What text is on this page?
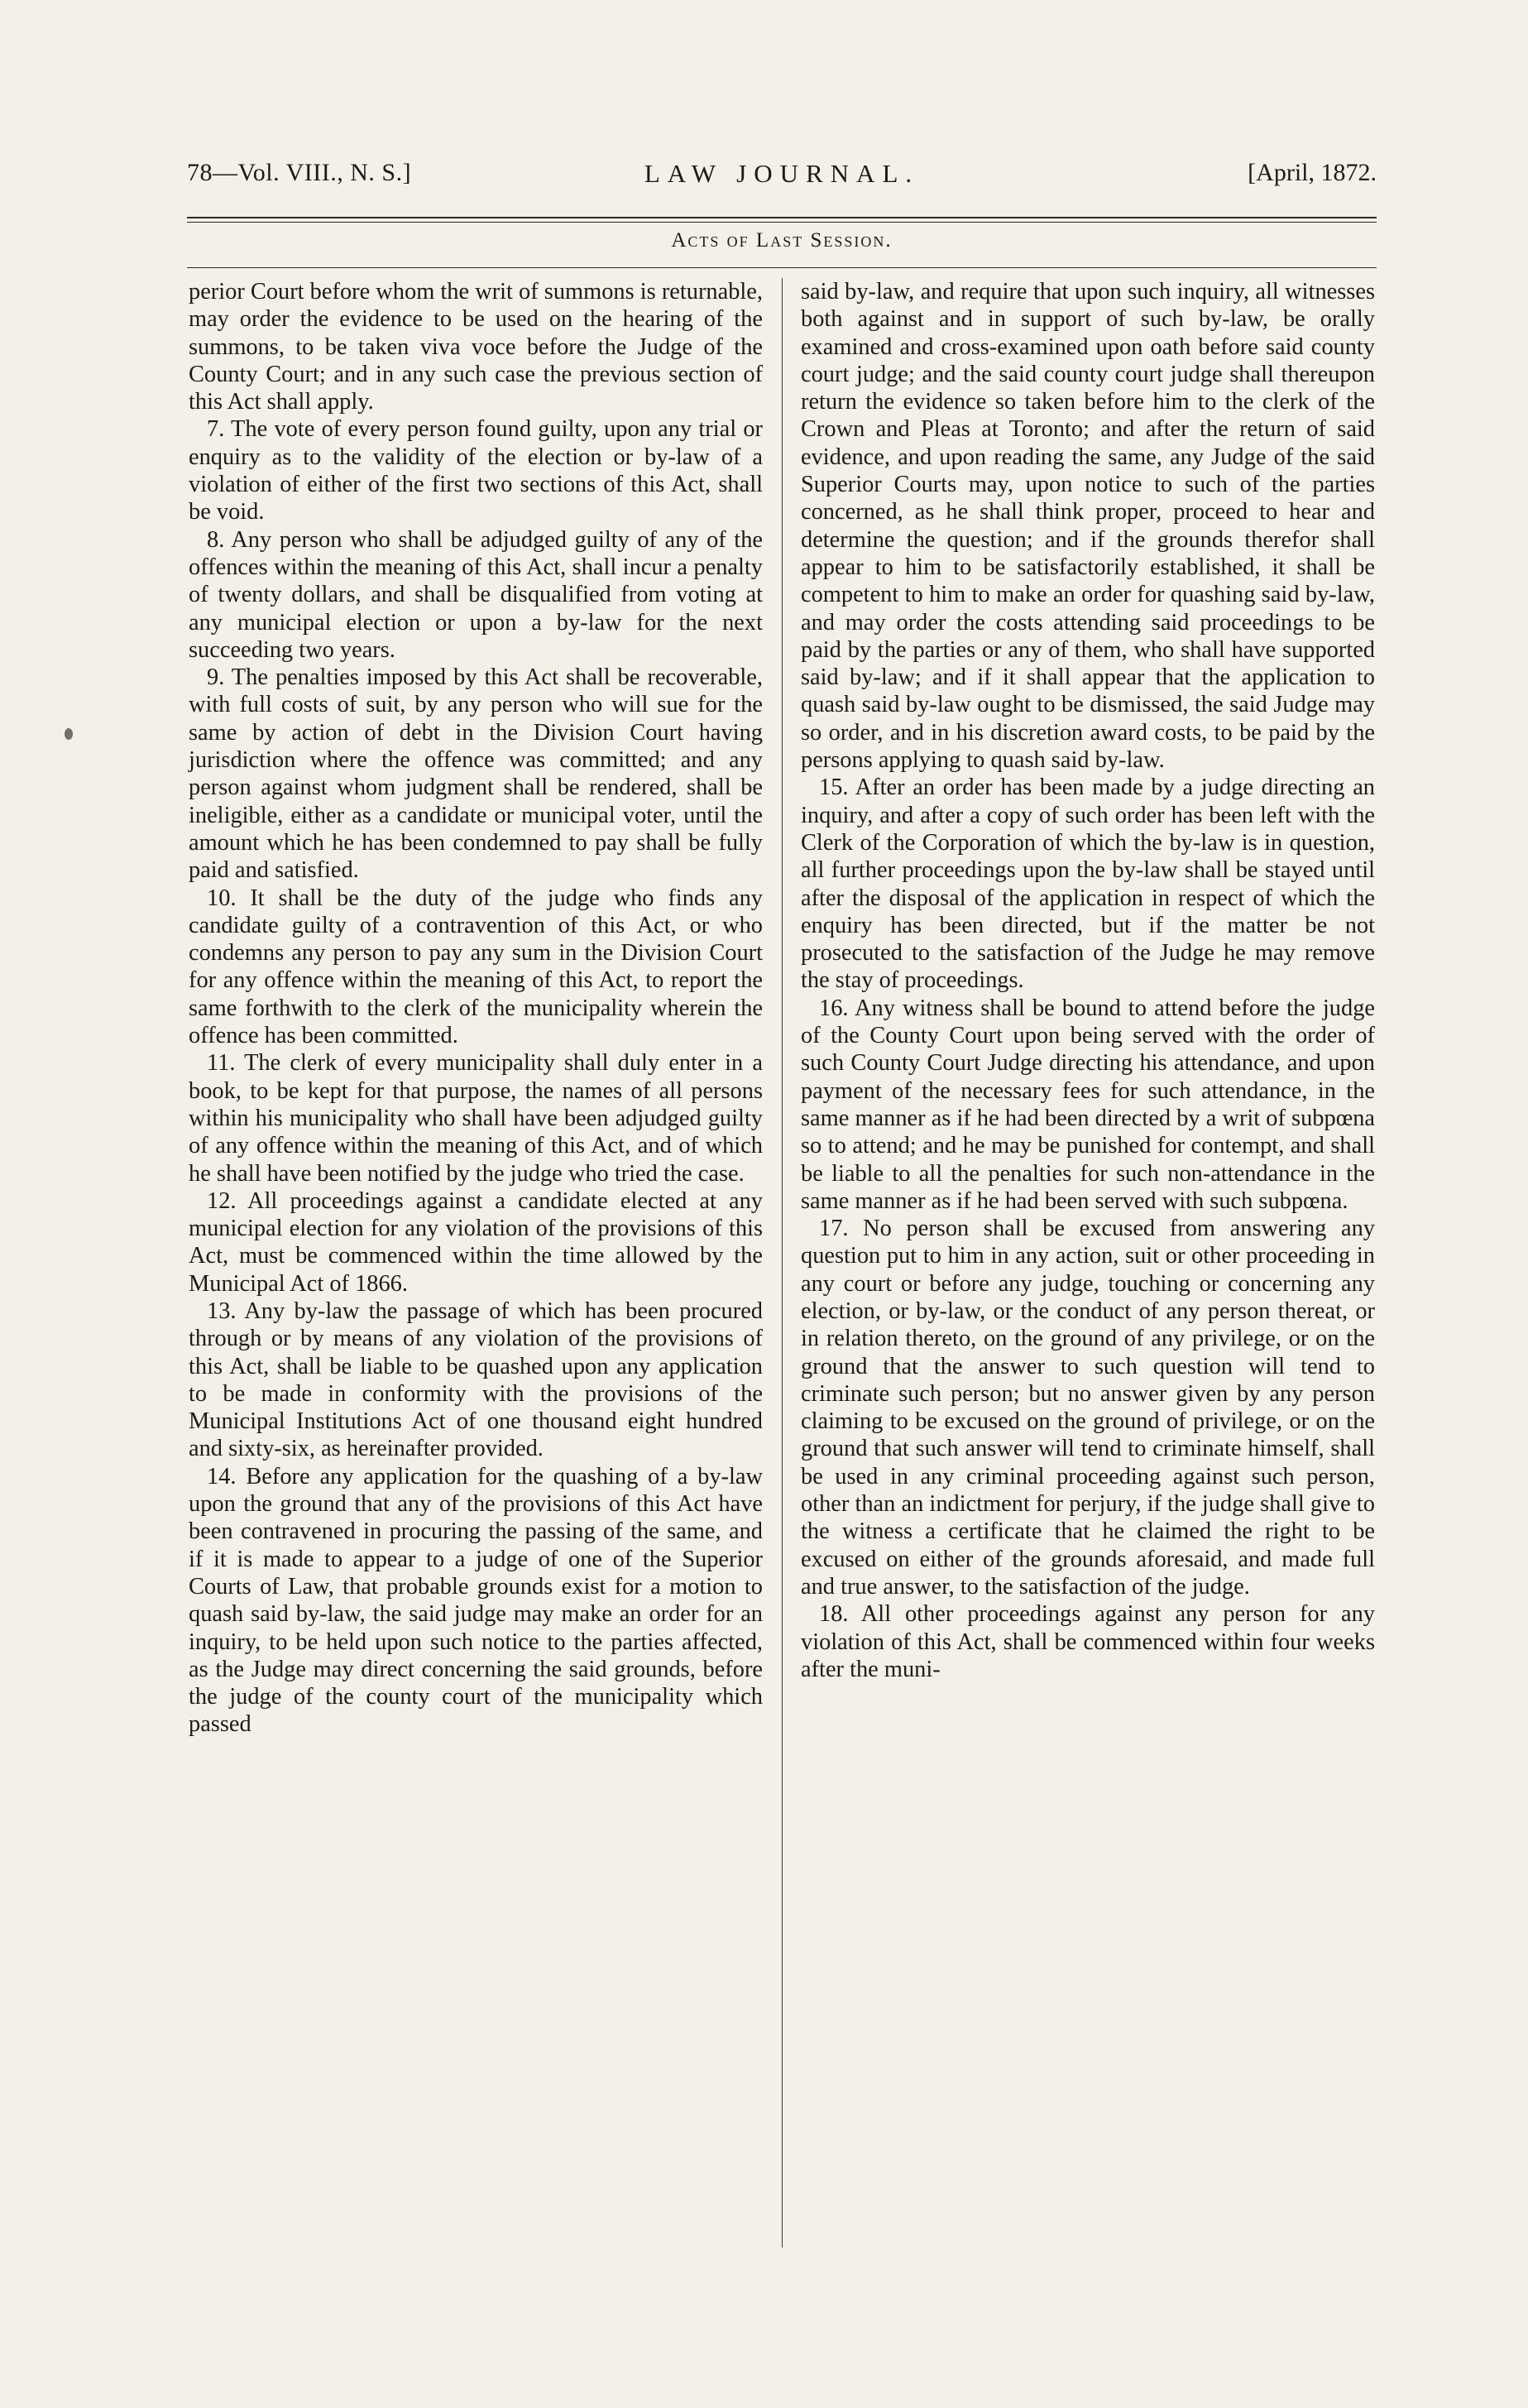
78—Vol. VIII., N. S.]	LAW JOURNAL.	[April, 1872.
Acts of Last Session.

perior Court before whom the writ of summons is returnable, may order the evidence to be used on the hearing of the summons, to be taken viva voce before the Judge of the County Court; and in any such case the previous section of this Act shall apply.

7. The vote of every person found guilty, upon any trial or enquiry as to the validity of the election or by-law of a violation of either of the first two sections of this Act, shall be void.

8. Any person who shall be adjudged guilty of any of the offences within the meaning of this Act, shall incur a penalty of twenty dollars, and shall be disqualified from voting at any municipal election or upon a by-law for the next succeeding two years.

9. The penalties imposed by this Act shall be recoverable, with full costs of suit, by any person who will sue for the same by action of debt in the Division Court having jurisdiction where the offence was committed; and any person against whom judgment shall be rendered, shall be ineligible, either as a candidate or municipal voter, until the amount which he has been condemned to pay shall be fully paid and satisfied.

10. It shall be the duty of the judge who finds any candidate guilty of a contravention of this Act, or who condemns any person to pay any sum in the Division Court for any offence within the meaning of this Act, to report the same forthwith to the clerk of the municipality wherein the offence has been committed.

11. The clerk of every municipality shall duly enter in a book, to be kept for that purpose, the names of all persons within his municipality who shall have been adjudged guilty of any offence within the meaning of this Act, and of which he shall have been notified by the judge who tried the case.

12. All proceedings against a candidate elected at any municipal election for any violation of the provisions of this Act, must be commenced within the time allowed by the Municipal Act of 1866.

13. Any by-law the passage of which has been procured through or by means of any violation of the provisions of this Act, shall be liable to be quashed upon any application to be made in conformity with the provisions of the Municipal Institutions Act of one thousand eight hundred and sixty-six, as hereinafter provided.

14. Before any application for the quashing of a by-law upon the ground that any of the provisions of this Act have been contravened in procuring the passing of the same, and if it is made to appear to a judge of one of the Superior Courts of Law, that probable grounds exist for a motion to quash said by-law, the said judge may make an order for an inquiry, to be held upon such notice to the parties affected, as the Judge may direct concerning the said grounds, before the judge of the county court of the municipality which passed

said by-law, and require that upon such inquiry, all witnesses both against and in support of such by-law, be orally examined and cross-examined upon oath before said county court judge; and the said county court judge shall thereupon return the evidence so taken before him to the clerk of the Crown and Pleas at Toronto; and after the return of said evidence, and upon reading the same, any Judge of the said Superior Courts may, upon notice to such of the parties concerned, as he shall think proper, proceed to hear and determine the question; and if the grounds therefor shall appear to him to be satisfactorily established, it shall be competent to him to make an order for quashing said by-law, and may order the costs attending said proceedings to be paid by the parties or any of them, who shall have supported said by-law; and if it shall appear that the application to quash said by-law ought to be dismissed, the said Judge may so order, and in his discretion award costs, to be paid by the persons applying to quash said by-law.

15. After an order has been made by a judge directing an inquiry, and after a copy of such order has been left with the Clerk of the Corporation of which the by-law is in question, all further proceedings upon the by-law shall be stayed until after the disposal of the application in respect of which the enquiry has been directed, but if the matter be not prosecuted to the satisfaction of the Judge he may remove the stay of proceedings.

16. Any witness shall be bound to attend before the judge of the County Court upon being served with the order of such County Court Judge directing his attendance, and upon payment of the necessary fees for such attendance, in the same manner as if he had been directed by a writ of subpœna so to attend; and he may be punished for contempt, and shall be liable to all the penalties for such non-attendance in the same manner as if he had been served with such subpœna.

17. No person shall be excused from answering any question put to him in any action, suit or other proceeding in any court or before any judge, touching or concerning any election, or by-law, or the conduct of any person thereat, or in relation thereto, on the ground of any privilege, or on the ground that the answer to such question will tend to criminate such person; but no answer given by any person claiming to be excused on the ground of privilege, or on the ground that such answer will tend to criminate himself, shall be used in any criminal proceeding against such person, other than an indictment for perjury, if the judge shall give to the witness a certificate that he claimed the right to be excused on either of the grounds aforesaid, and made full and true answer, to the satisfaction of the judge.

18. All other proceedings against any person for any violation of this Act, shall be commenced within four weeks after the muni-
